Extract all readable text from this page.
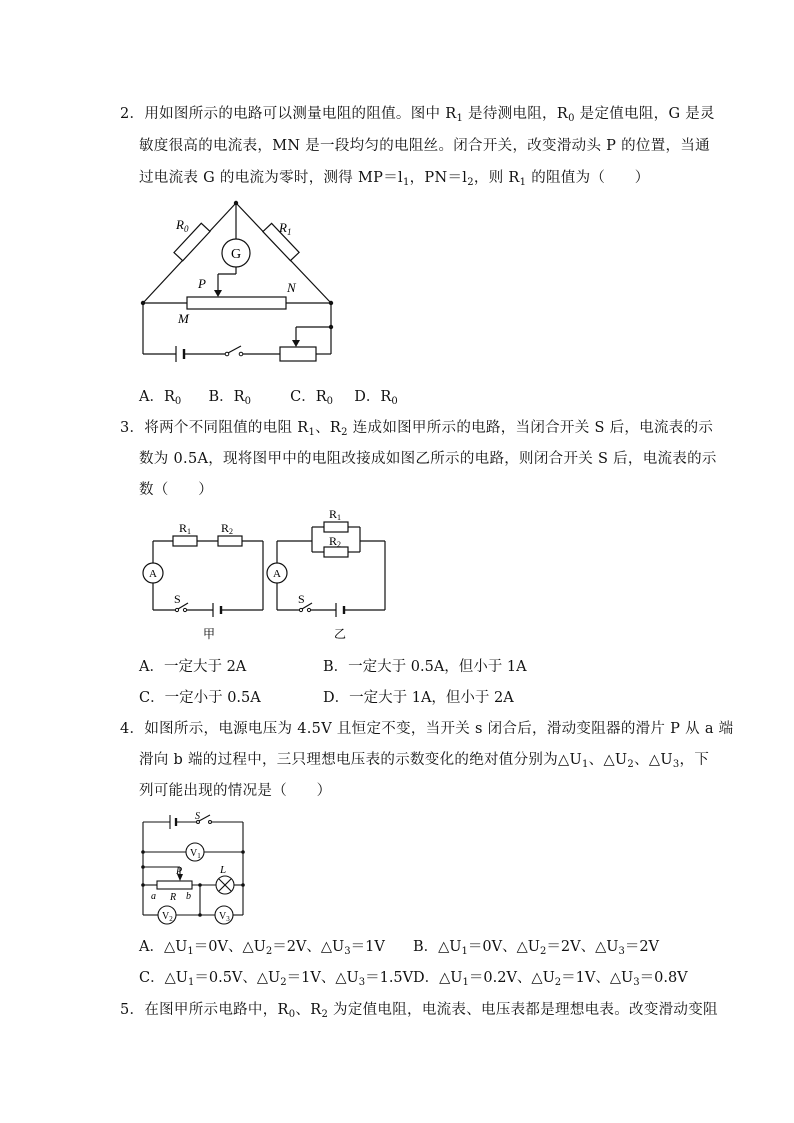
2．用如图所示的电路可以测量电阻的阻值。图中 $R_1$ 是待测电阻，$R_0$ 是定值电阻，G 是灵
敏度很高的电流表，MN 是一段均匀的电阻丝。闭合开关，改变滑动头 P 的位置，当通
过电流表 G 的电流为零时，测得 $MP=l_1$，$PN=l_2$，则 $R_1$ 的阻值为（　　）
G
$R_0$	$R_1$
P	N
M
A．$R_0$ B．$R_0$	C．$R_0$ D．$R_0$
3．将两个不同阻值的电阻 $R_1$、$R_2$ 连成如图甲所示的电路，当闭合开关 S 后，电流表的示
数为 0.5A，现将图甲中的电阻改接成如图乙所示的电路，则闭合开关 S 后，电流表的示
数（　　）
A
R1 R2
S
甲
A
R1
R2
S
乙
A．一定大于 2A	B．一定大于 0.5A，但小于 1A
C．一定小于 0.5A	D．一定大于 1A，但小于 2A
4．如图所示，电源电压为 4.5V 且恒定不变，当开关 s 闭合后，滑动变阻器的滑片 P 从 a 端
滑向 b 端的过程中，三只理想电压表的示数变化的绝对值分别为$\triangle U_1$、$\triangle U_2$、$\triangle U_3$，下
列可能出现的情况是（　　）
$V_1$
$V_2$	$V_3$
S
L
P
a R b
A．$\triangle U_1=0V$、$\triangle U_2=2V$、$\triangle U_3=1V$ B．$\triangle U_1=0V$、$\triangle U_2=2V$、$\triangle U_3=2V$
C．$\triangle U_1=0.5V$、$\triangle U_2=1V$、$\triangle U_3=1.5V$ D．$\triangle U_1=0.2V$、$\triangle U_2=1V$、$\triangle U_3=0.8V$
5．在图甲所示电路中，$R_0$、$R_2$ 为定值电阻，电流表、电压表都是理想电表。改变滑动变阻
